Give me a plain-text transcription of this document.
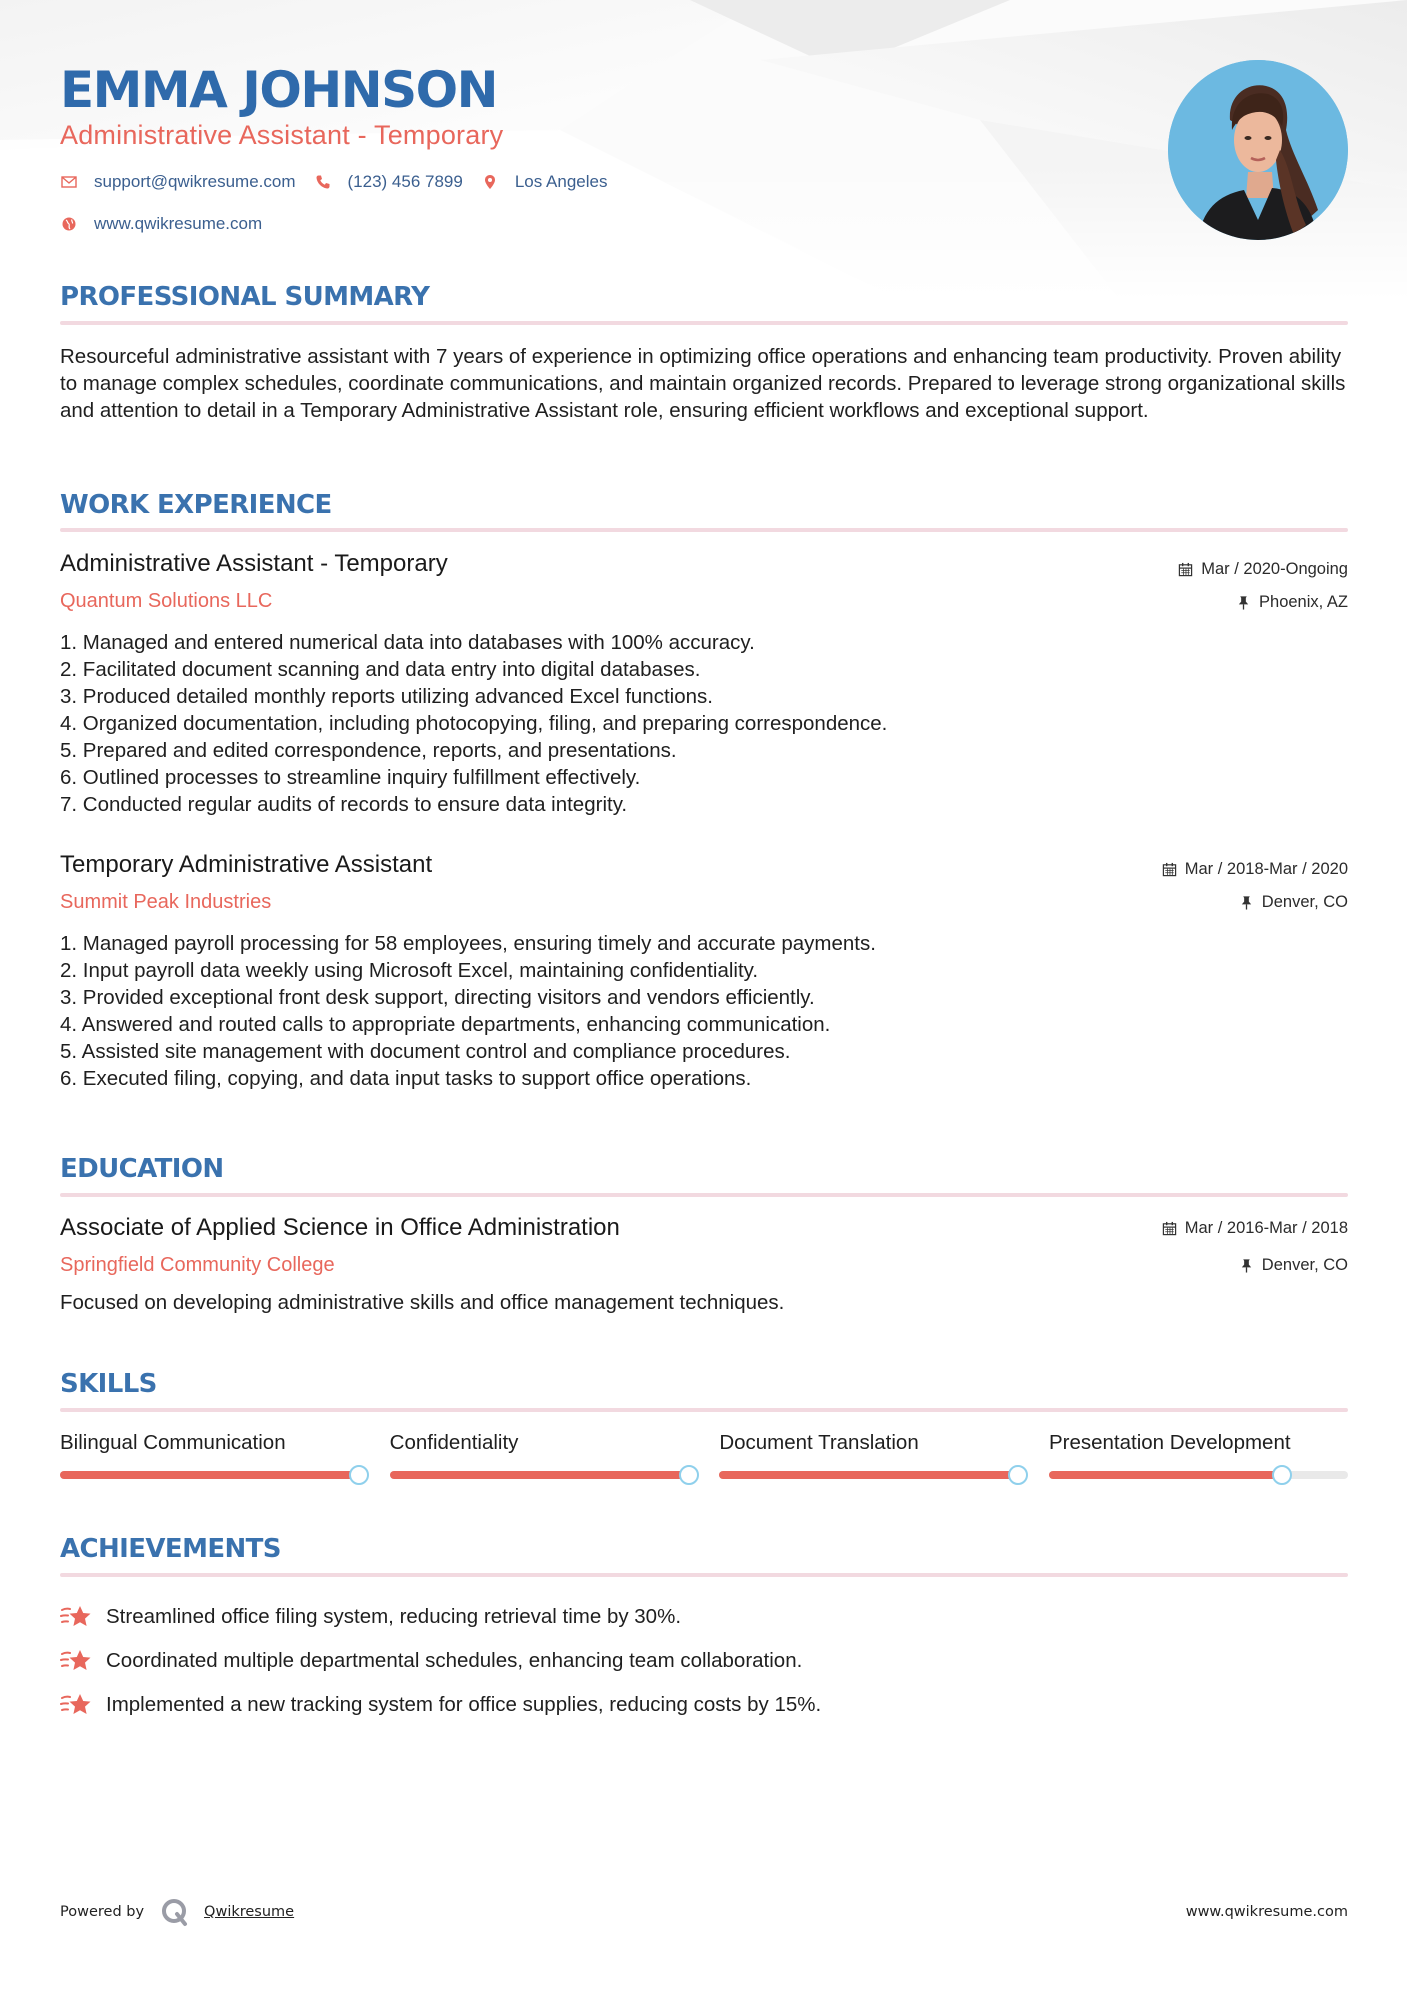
EMMA JOHNSON
Administrative Assistant - Temporary
support@qwikresume.com	(123) 456 7899	Los Angeles
www.qwikresume.com
PROFESSIONAL SUMMARY

Resourceful administrative assistant with 7 years of experience in optimizing office operations and enhancing team productivity. Proven ability to manage complex schedules, coordinate communications, and maintain organized records. Prepared to leverage strong organizational skills and attention to detail in a Temporary Administrative Assistant role, ensuring efficient workflows and exceptional support.

WORK EXPERIENCE
Administrative Assistant - Temporary
Quantum Solutions LLC
Mar / 2020-Ongoing
Phoenix, AZ
1. Managed and entered numerical data into databases with 100% accuracy.
2. Facilitated document scanning and data entry into digital databases.
3. Produced detailed monthly reports utilizing advanced Excel functions.
4. Organized documentation, including photocopying, filing, and preparing correspondence.
5. Prepared and edited correspondence, reports, and presentations.
6. Outlined processes to streamline inquiry fulfillment effectively.
7. Conducted regular audits of records to ensure data integrity.
Temporary Administrative Assistant
Summit Peak Industries
Mar / 2018-Mar / 2020
Denver, CO
1. Managed payroll processing for 58 employees, ensuring timely and accurate payments.
2. Input payroll data weekly using Microsoft Excel, maintaining confidentiality.
3. Provided exceptional front desk support, directing visitors and vendors efficiently.
4. Answered and routed calls to appropriate departments, enhancing communication.
5. Assisted site management with document control and compliance procedures.
6. Executed filing, copying, and data input tasks to support office operations.
EDUCATION
Associate of Applied Science in Office Administration
Springfield Community College
Mar / 2016-Mar / 2018
Denver, CO

Focused on developing administrative skills and office management techniques.

SKILLS
Bilingual Communication	Confidentiality	Document Translation	Presentation Development
ACHIEVEMENTS
Streamlined office filing system, reducing retrieval time by 30%.
Coordinated multiple departmental schedules, enhancing team collaboration.
Implemented a new tracking system for office supplies, reducing costs by 15%.
Powered by	Qwikresume	www.qwikresume.com
